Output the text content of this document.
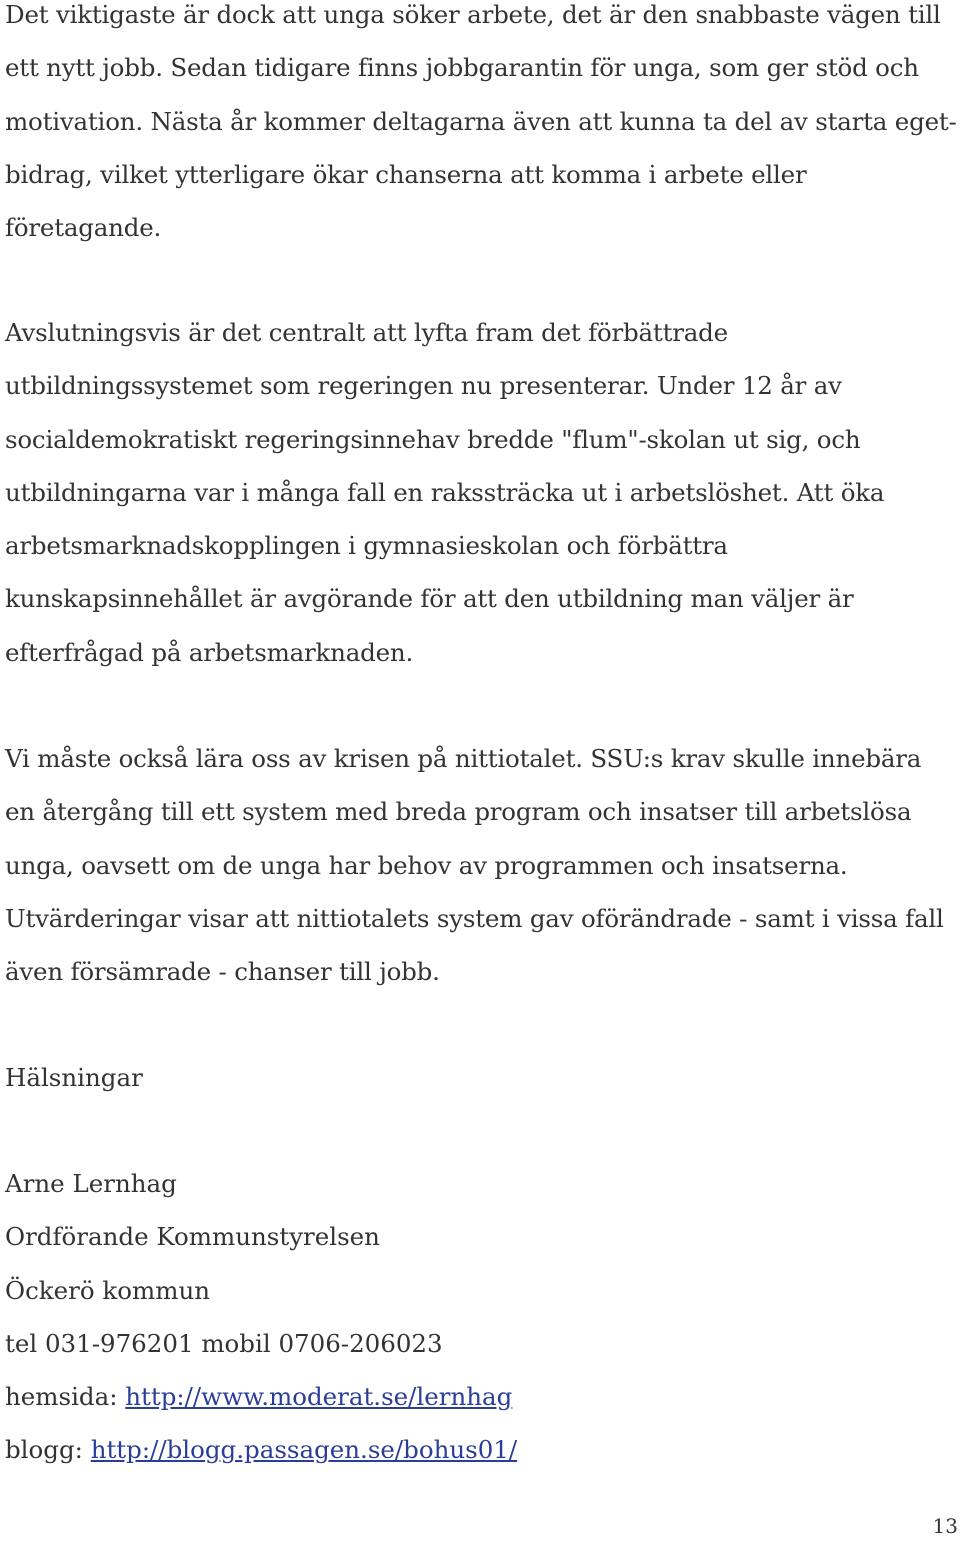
Det viktigaste är dock att unga söker arbete, det är den snabbaste vägen till
ett nytt jobb. Sedan tidigare finns jobbgarantin för unga, som ger stöd och
motivation. Nästa år kommer deltagarna även att kunna ta del av starta eget-
bidrag, vilket ytterligare ökar chanserna att komma i arbete eller
företagande.

Avslutningsvis är det centralt att lyfta fram det förbättrade
utbildningssystemet som regeringen nu presenterar. Under 12 år av
socialdemokratiskt regeringsinnehav bredde "flum"-skolan ut sig, och
utbildningarna var i många fall en rakssträcka ut i arbetslöshet. Att öka
arbetsmarknadskopplingen i gymnasieskolan och förbättra
kunskapsinnehållet är avgörande för att den utbildning man väljer är
efterfrågad på arbetsmarknaden.

Vi måste också lära oss av krisen på nittiotalet. SSU:s krav skulle innebära
en återgång till ett system med breda program och insatser till arbetslösa
unga, oavsett om de unga har behov av programmen och insatserna.
Utvärderingar visar att nittiotalets system gav oförändrade - samt i vissa fall
även försämrade - chanser till jobb.

Hälsningar
Arne Lernhag
Ordförande Kommunstyrelsen
Öckerö kommun
tel 031-976201 mobil 0706-206023
hemsida: http://www.moderat.se/lernhag
blogg: http://blogg.passagen.se/bohus01/
13
